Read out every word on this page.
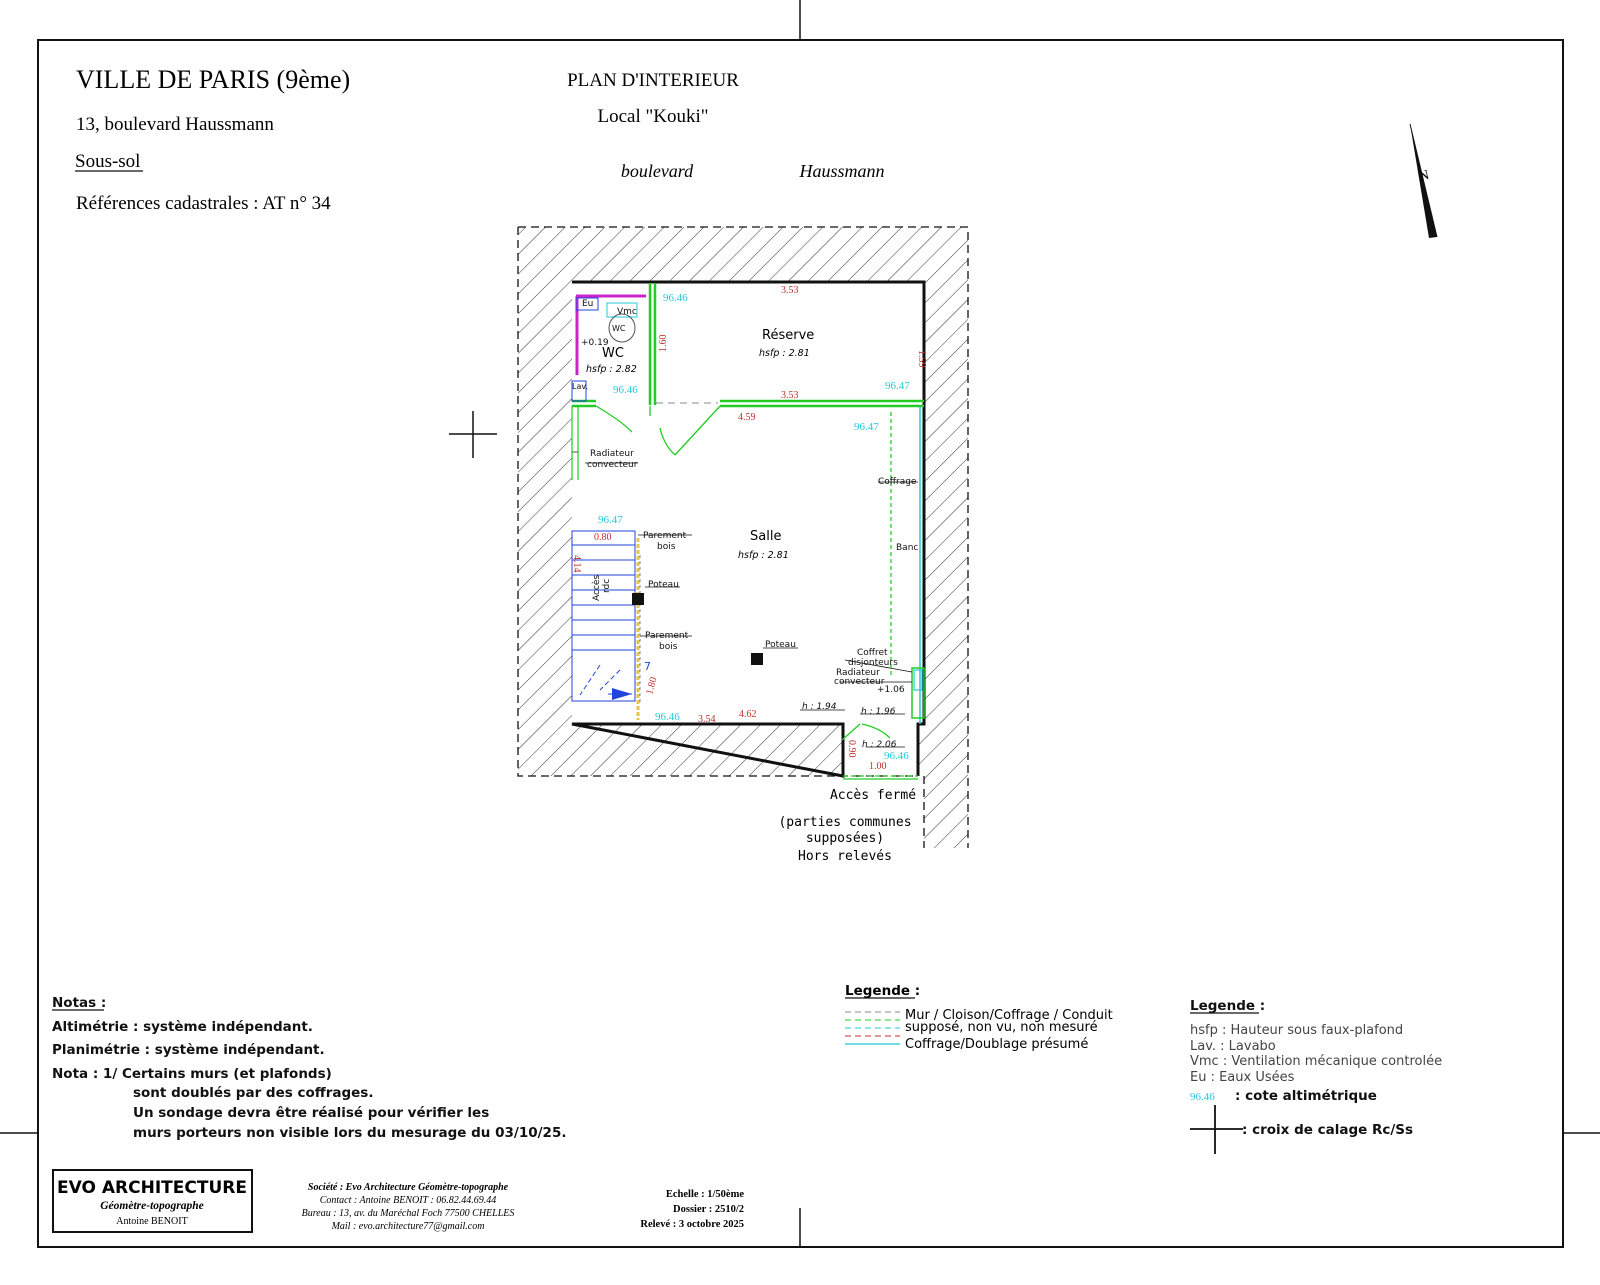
VILLE DE PARIS (9ème)
13, boulevard Haussmann
Sous-sol
Références cadastrales : AT n° 34
PLAN D'INTERIEUR
Local "Kouki"
boulevard	Haussmann	N
WC
hsfp : 2.82
Réserve
hsfp : 2.81
Salle
hsfp : 2.81
Eu
Vmc
WC
Lav.
+0.19
Radiateur
convecteur
Parement
bois
Poteau
Parement
bois	Poteau
Accès rdc
Coffrage
Banc
Coffret
disjonteurs
Radiateur
convecteur
+1.06
h : 1.94	h : 1.96
h : 2.06
7
Accès fermé
(parties communes
supposées)
Hors relevés
96.46
96.46	96.47
96.47
96.47
96.46
96.46
3.53
3.53
1.60
1.59
4.59
0.80
4.14
1.80
3.54 4.62
1.00
0.90
Notas :
Altimétrie : système indépendant.
Planimétrie : système indépendant.
Nota : 1/ Certains murs (et plafonds)
sont doublés par des coffrages.
Un sondage devra être réalisé pour vérifier les
murs porteurs non visible lors du mesurage du 03/10/25.
Legende :
Mur / Cloison/Coffrage / Conduit
supposé, non vu, non mesuré
Coffrage/Doublage présumé
Legende :
hsfp : Hauteur sous faux-plafond
Lav. : Lavabo
Vmc : Ventilation mécanique controlée
Eu : Eaux Usées
96.46 : cote altimétrique
: croix de calage Rc/Ss
EVO ARCHITECTURE
Géomètre-topographe
Antoine BENOIT
Société : Evo Architecture Géomètre-topographe
Contact : Antoine BENOIT : 06.82.44.69.44
Bureau : 13, av. du Maréchal Foch 77500 CHELLES
Mail : evo.architecture77@gmail.com
Echelle : 1/50ème
Dossier : 2510/2
Relevé : 3 octobre 2025
